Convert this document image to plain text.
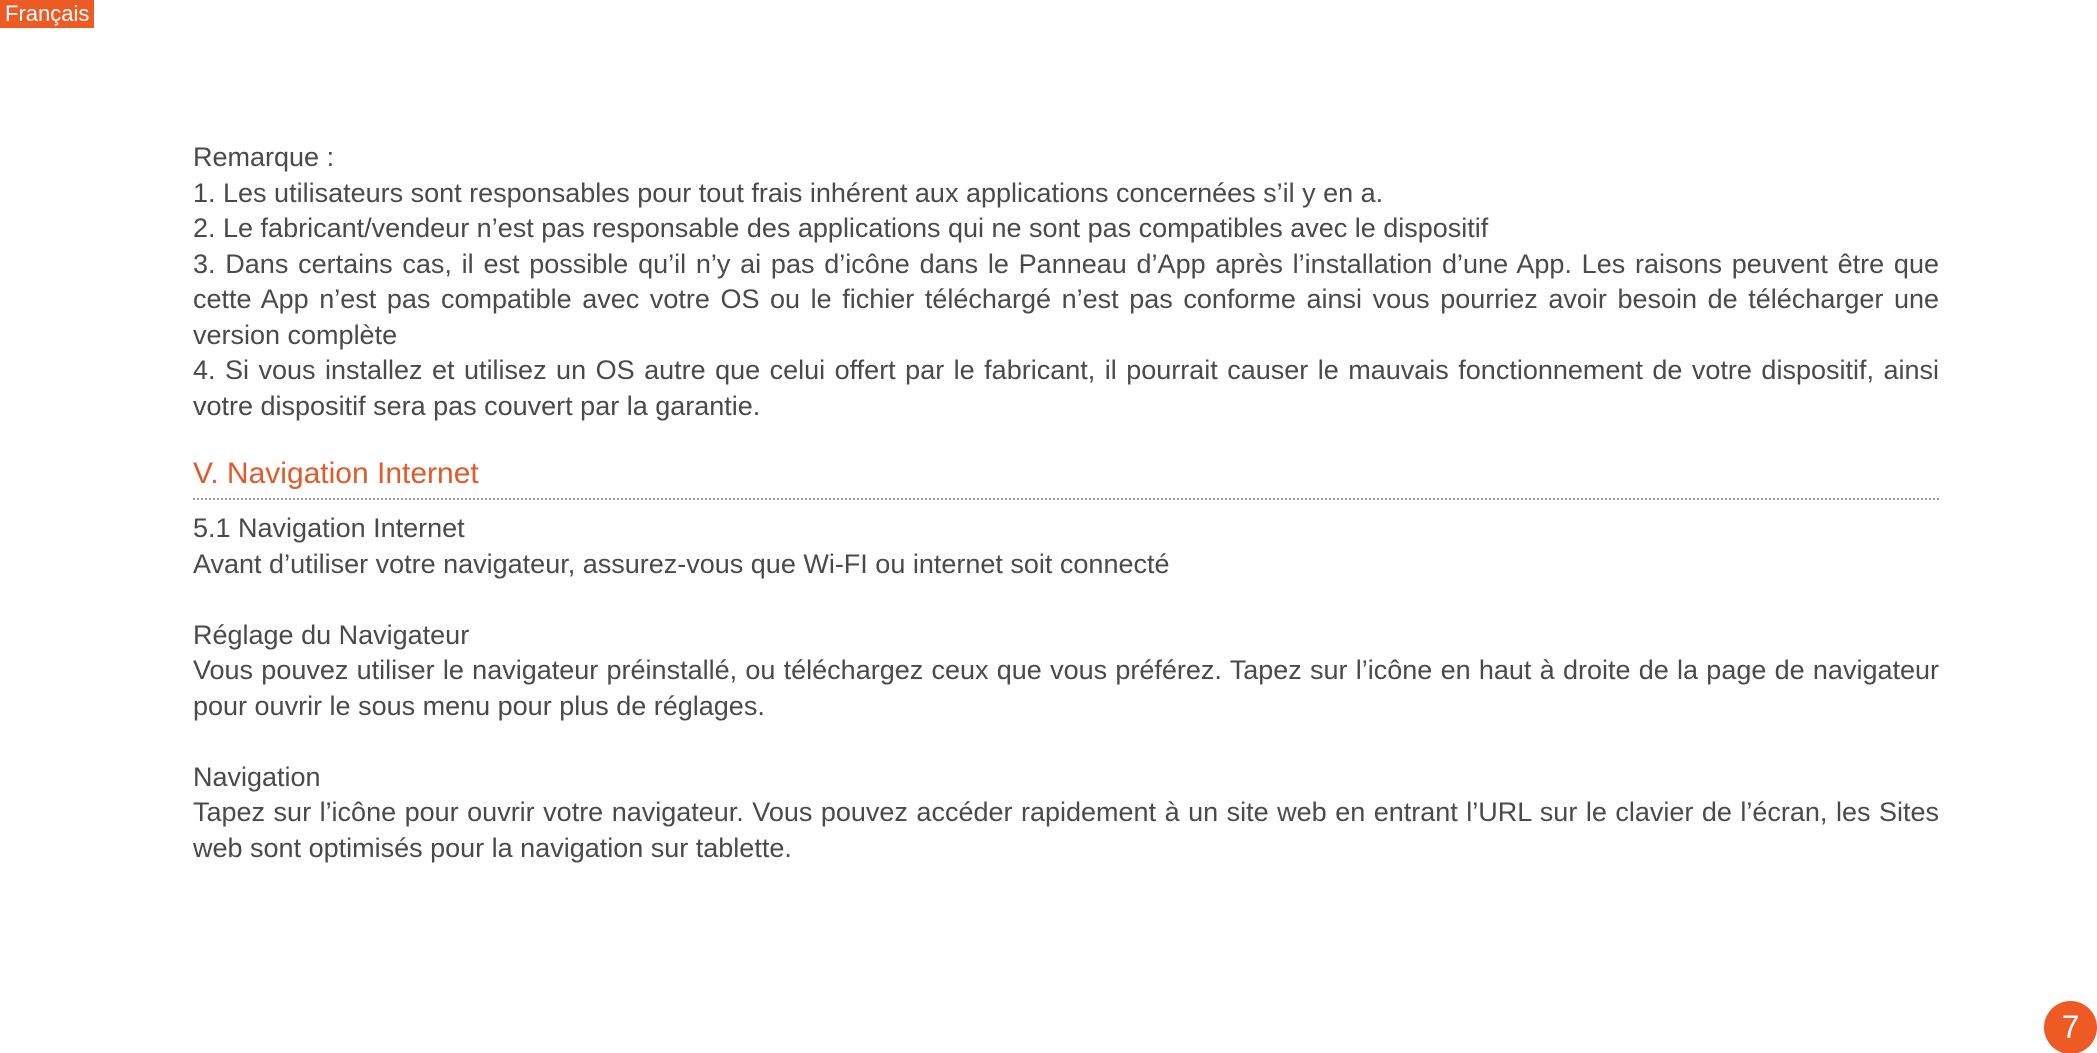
Français

Remarque :

1. Les utilisateurs sont responsables pour tout frais inhérent aux applications concernées s’il y en a.

2. Le fabricant/vendeur n’est pas responsable des applications qui ne sont pas compatibles avec le dispositif

3. Dans certains cas, il est possible qu’il n’y ai pas d’icône dans le Panneau d’App après l’installation d’une App. Les raisons peuvent être que cette App n’est pas compatible avec votre OS ou le fichier téléchargé n’est pas conforme ainsi vous pourriez avoir besoin de télécharger une version complète

4. Si vous installez et utilisez un OS autre que celui offert par le fabricant, il pourrait causer le mauvais fonctionnement de votre dispositif, ainsi votre dispositif sera pas couvert par la garantie.

V. Navigation Internet

5.1 Navigation Internet

Avant d’utiliser votre navigateur, assurez-vous que Wi-FI ou internet soit connecté

Réglage du Navigateur

Vous pouvez utiliser le navigateur préinstallé, ou téléchargez ceux que vous préférez. Tapez sur l’icône en haut à droite de la page de navigateur pour ouvrir le sous menu pour plus de réglages.

Navigation

Tapez sur l’icône pour ouvrir votre navigateur. Vous pouvez accéder rapidement à un site web en entrant l’URL sur le clavier de l’écran, les Sites web sont optimisés pour la navigation sur tablette.

7
